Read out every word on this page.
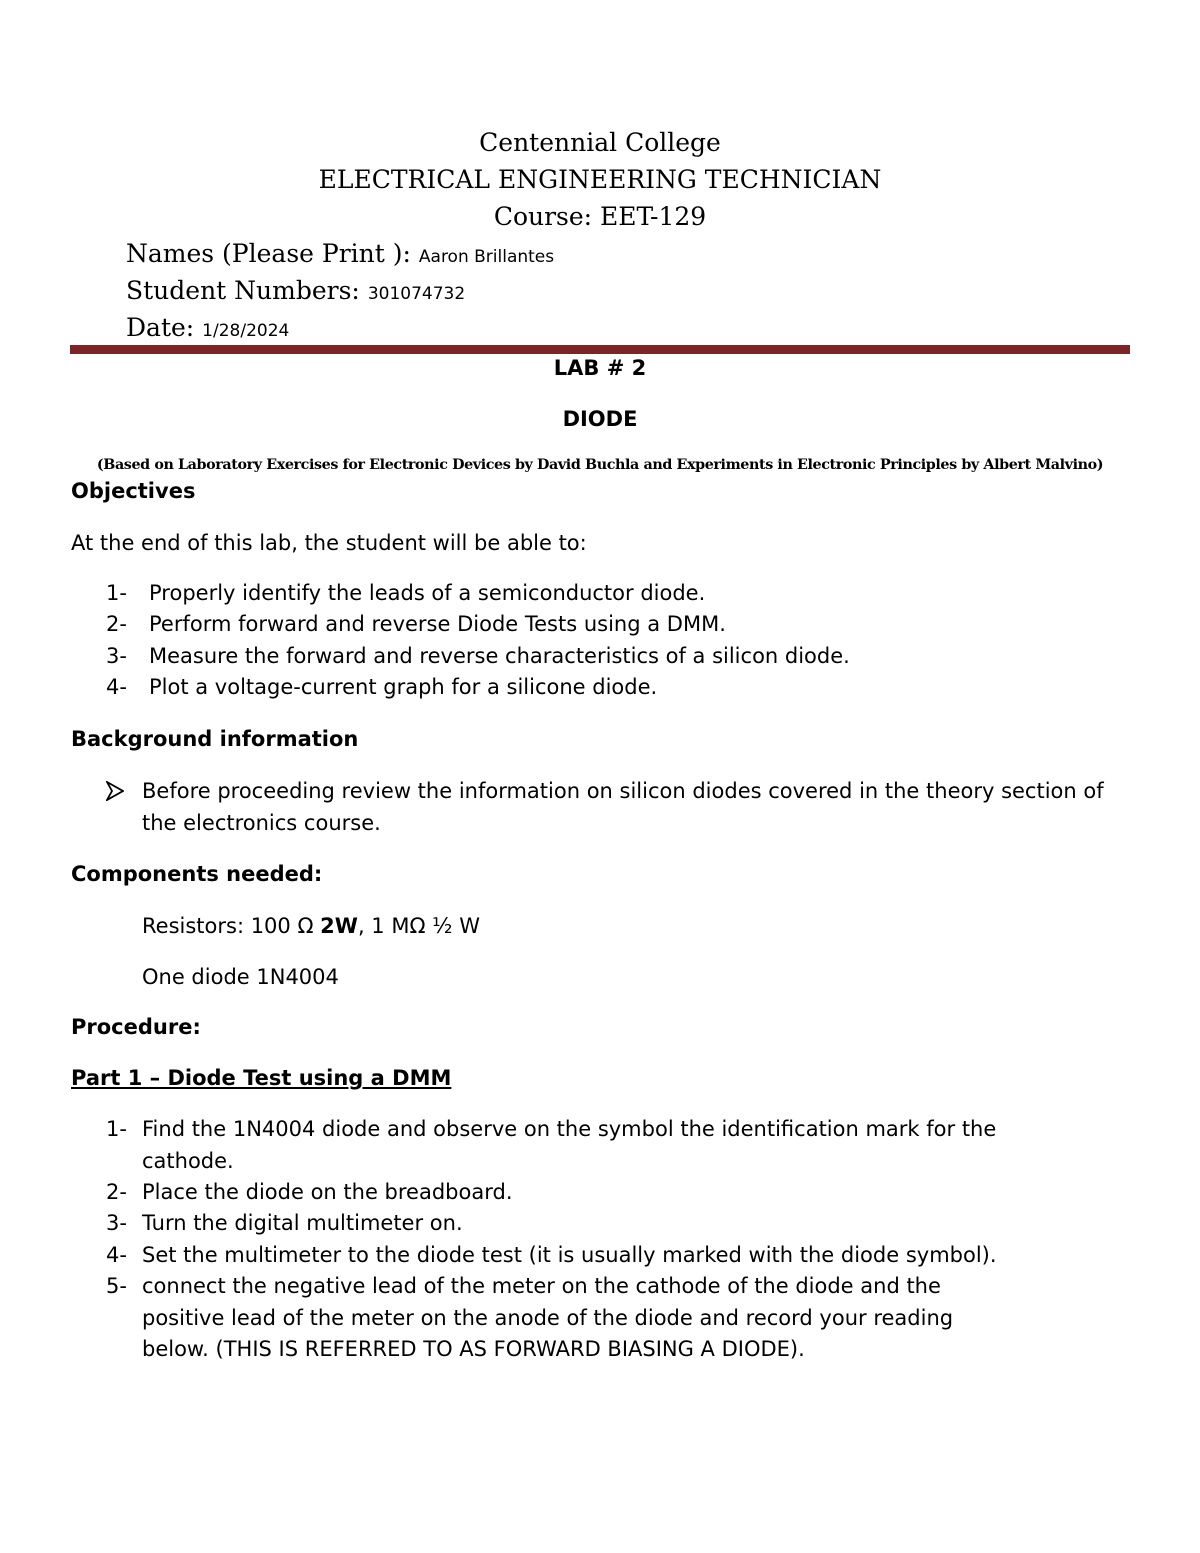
Centennial College
ELECTRICAL ENGINEERING TECHNICIAN
Course: EET-129
Names (Please Print ): Aaron Brillantes
Student Numbers: 301074732
Date: 1/28/2024
LAB # 2
DIODE
(Based on Laboratory Exercises for Electronic Devices by David Buchla and Experiments in Electronic Principles by Albert Malvino)
Objectives
At the end of this lab, the student will be able to:
1- Properly identify the leads of a semiconductor diode.
2- Perform forward and reverse Diode Tests using a DMM.
3- Measure the forward and reverse characteristics of a silicon diode.
4- Plot a voltage-current graph for a silicone diode.
Background information
Before proceeding review the information on silicon diodes covered in the theory section of the electronics course.
Components needed:
Resistors: 100 Ω 2W, 1 MΩ ½ W
One diode 1N4004
Procedure:
Part 1 – Diode Test using a DMM
1- Find the 1N4004 diode and observe on the symbol the identification mark for the
cathode.
2- Place the diode on the breadboard.
3- Turn the digital multimeter on.
4- Set the multimeter to the diode test (it is usually marked with the diode symbol).
5- connect the negative lead of the meter on the cathode of the diode and the
positive lead of the meter on the anode of the diode and record your reading
below. (THIS IS REFERRED TO AS FORWARD BIASING A DIODE).
